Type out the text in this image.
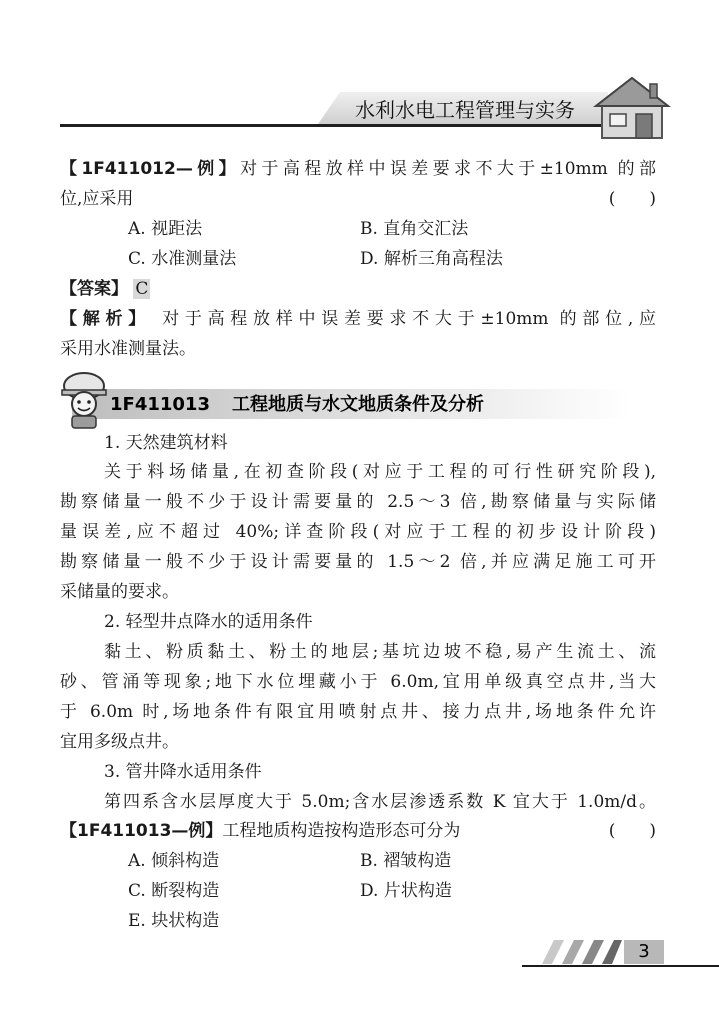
水利水电工程管理与实务
【1F411012—例】对于高程放样中误差要求不大于±10mm 的部
位,应采用	(　　)
A. 视距法	B. 直角交汇法
C. 水准测量法	D. 解析三角高程法
【答案】 C
【解析】 对于高程放样中误差要求不大于±10mm 的部位,应
采用水准测量法。
1F411013 工程地质与水文地质条件及分析
1. 天然建筑材料
关于料场储量,在初查阶段(对应于工程的可行性研究阶段),
勘察储量一般不少于设计需要量的 2.5～3 倍,勘察储量与实际储
量误差,应不超过 40%;详查阶段(对应于工程的初步设计阶段)
勘察储量一般不少于设计需要量的 1.5～2 倍,并应满足施工可开
采储量的要求。
2. 轻型井点降水的适用条件
黏土、粉质黏土、粉土的地层;基坑边坡不稳,易产生流土、流
砂、管涌等现象;地下水位埋藏小于 6.0m,宜用单级真空点井,当大
于 6.0m 时,场地条件有限宜用喷射点井、接力点井,场地条件允许
宜用多级点井。
3. 管井降水适用条件
第四系含水层厚度大于 5.0m;含水层渗透系数 K 宜大于 1.0m/d。
【1F411013—例】工程地质构造按构造形态可分为	(　　)
A. 倾斜构造	B. 褶皱构造
C. 断裂构造	D. 片状构造
E. 块状构造
3
